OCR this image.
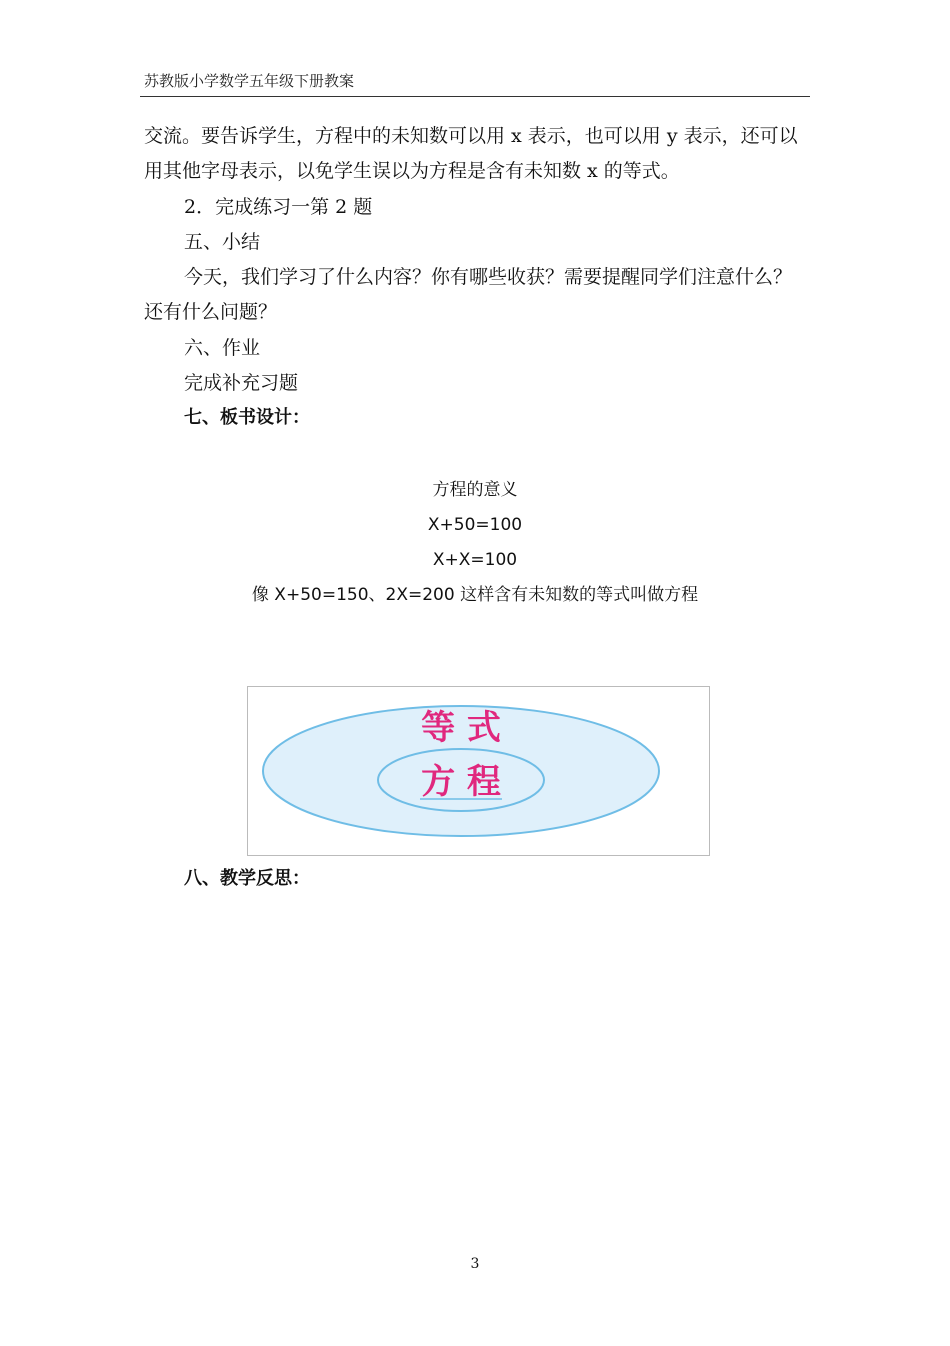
苏教版小学数学五年级下册教案
交流。要告诉学生，方程中的未知数可以用 x 表示，也可以用 y 表示，还可以
用其他字母表示，以免学生误以为方程是含有未知数 x 的等式。
2．完成练习一第 2 题
五、小结
今天，我们学习了什么内容？你有哪些收获？需要提醒同学们注意什么？
还有什么问题？
六、作业
完成补充习题
七、板书设计：
方程的意义
X+50=100
X+X=100
像 X+50=150、2X=200 这样含有未知数的等式叫做方程
等 式
方 程
八、教学反思：
3
